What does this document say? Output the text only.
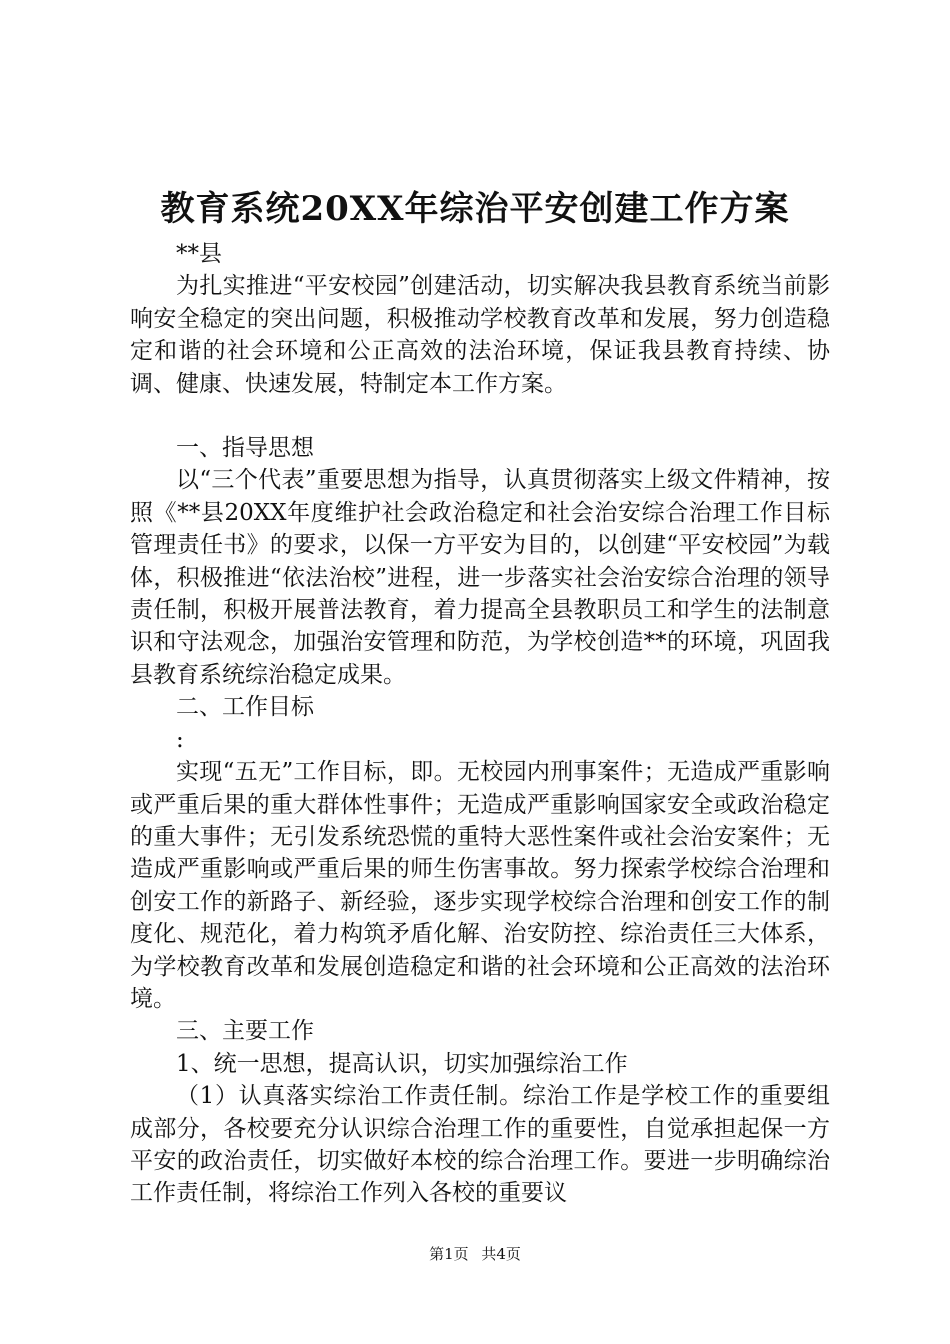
教育系统20XX年综治平安创建工作方案

**县

为扎实推进“平安校园”创建活动，切实解决我县教育系统当前影响安全稳定的突出问题，积极推动学校教育改革和发展，努力创造稳定和谐的社会环境和公正高效的法治环境，保证我县教育持续、协调、健康、快速发展，特制定本工作方案。

一、指导思想

以“三个代表”重要思想为指导，认真贯彻落实上级文件精神，按照《**县20XX年度维护社会政治稳定和社会治安综合治理工作目标管理责任书》的要求，以保一方平安为目的，以创建“平安校园”为载体，积极推进“依法治校”进程，进一步落实社会治安综合治理的领导责任制，积极开展普法教育，着力提高全县教职员工和学生的法制意识和守法观念，加强治安管理和防范，为学校创造**的环境，巩固我县教育系统综治稳定成果。

二、工作目标

:

实现“五无”工作目标，即。无校园内刑事案件；无造成严重影响或严重后果的重大群体性事件；无造成严重影响国家安全或政治稳定的重大事件；无引发系统恐慌的重特大恶性案件或社会治安案件；无造成严重影响或严重后果的师生伤害事故。努力探索学校综合治理和创安工作的新路子、新经验，逐步实现学校综合治理和创安工作的制度化、规范化，着力构筑矛盾化解、治安防控、综治责任三大体系，为学校教育改革和发展创造稳定和谐的社会环境和公正高效的法治环境。

三、主要工作

1、统一思想，提高认识，切实加强综治工作

（1）认真落实综治工作责任制。综治工作是学校工作的重要组成部分，各校要充分认识综合治理工作的重要性，自觉承担起保一方平安的政治责任，切实做好本校的综合治理工作。要进一步明确综治工作责任制，将综治工作列入各校的重要议

第1页 共4页
